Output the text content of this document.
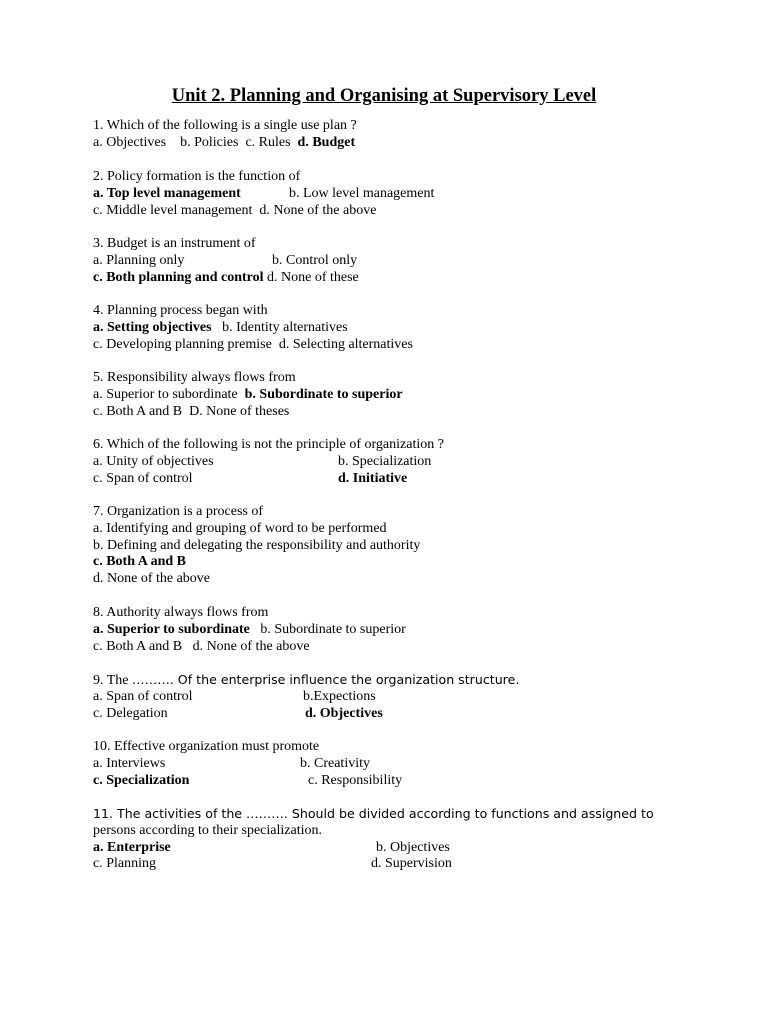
Unit 2. Planning and Organising at Supervisory Level
1. Which of the following is a single use plan ?
a. Objectives b. Policies c. Rules d. Budget
2. Policy formation is the function of
a. Top level management	b. Low level management
c. Middle level management d. None of the above
3. Budget is an instrument of
a. Planning only	b. Control only
c. Both planning and control d. None of these
4. Planning process began with
a. Setting objectives b. Identity alternatives
c. Developing planning premise d. Selecting alternatives
5. Responsibility always flows from
a. Superior to subordinate b. Subordinate to superior
c. Both A and B D. None of theses
6. Which of the following is not the principle of organization ?
a. Unity of objectives	b. Specialization
c. Span of control	d. Initiative
7. Organization is a process of
a. Identifying and grouping of word to be performed
b. Defining and delegating the responsibility and authority
c. Both A and B
d. None of the above
8. Authority always flows from
a. Superior to subordinate b. Subordinate to superior
c. Both A and B d. None of the above
9. The ………. Of the enterprise influence the organization structure.
a. Span of control	b.Expections
c. Delegation	d. Objectives
10. Effective organization must promote
a. Interviews	b. Creativity
c. Specialization	c. Responsibility
11. The activities of the ………. Should be divided according to functions and assigned to
persons according to their specialization.
a. Enterprise	b. Objectives
c. Planning	d. Supervision
